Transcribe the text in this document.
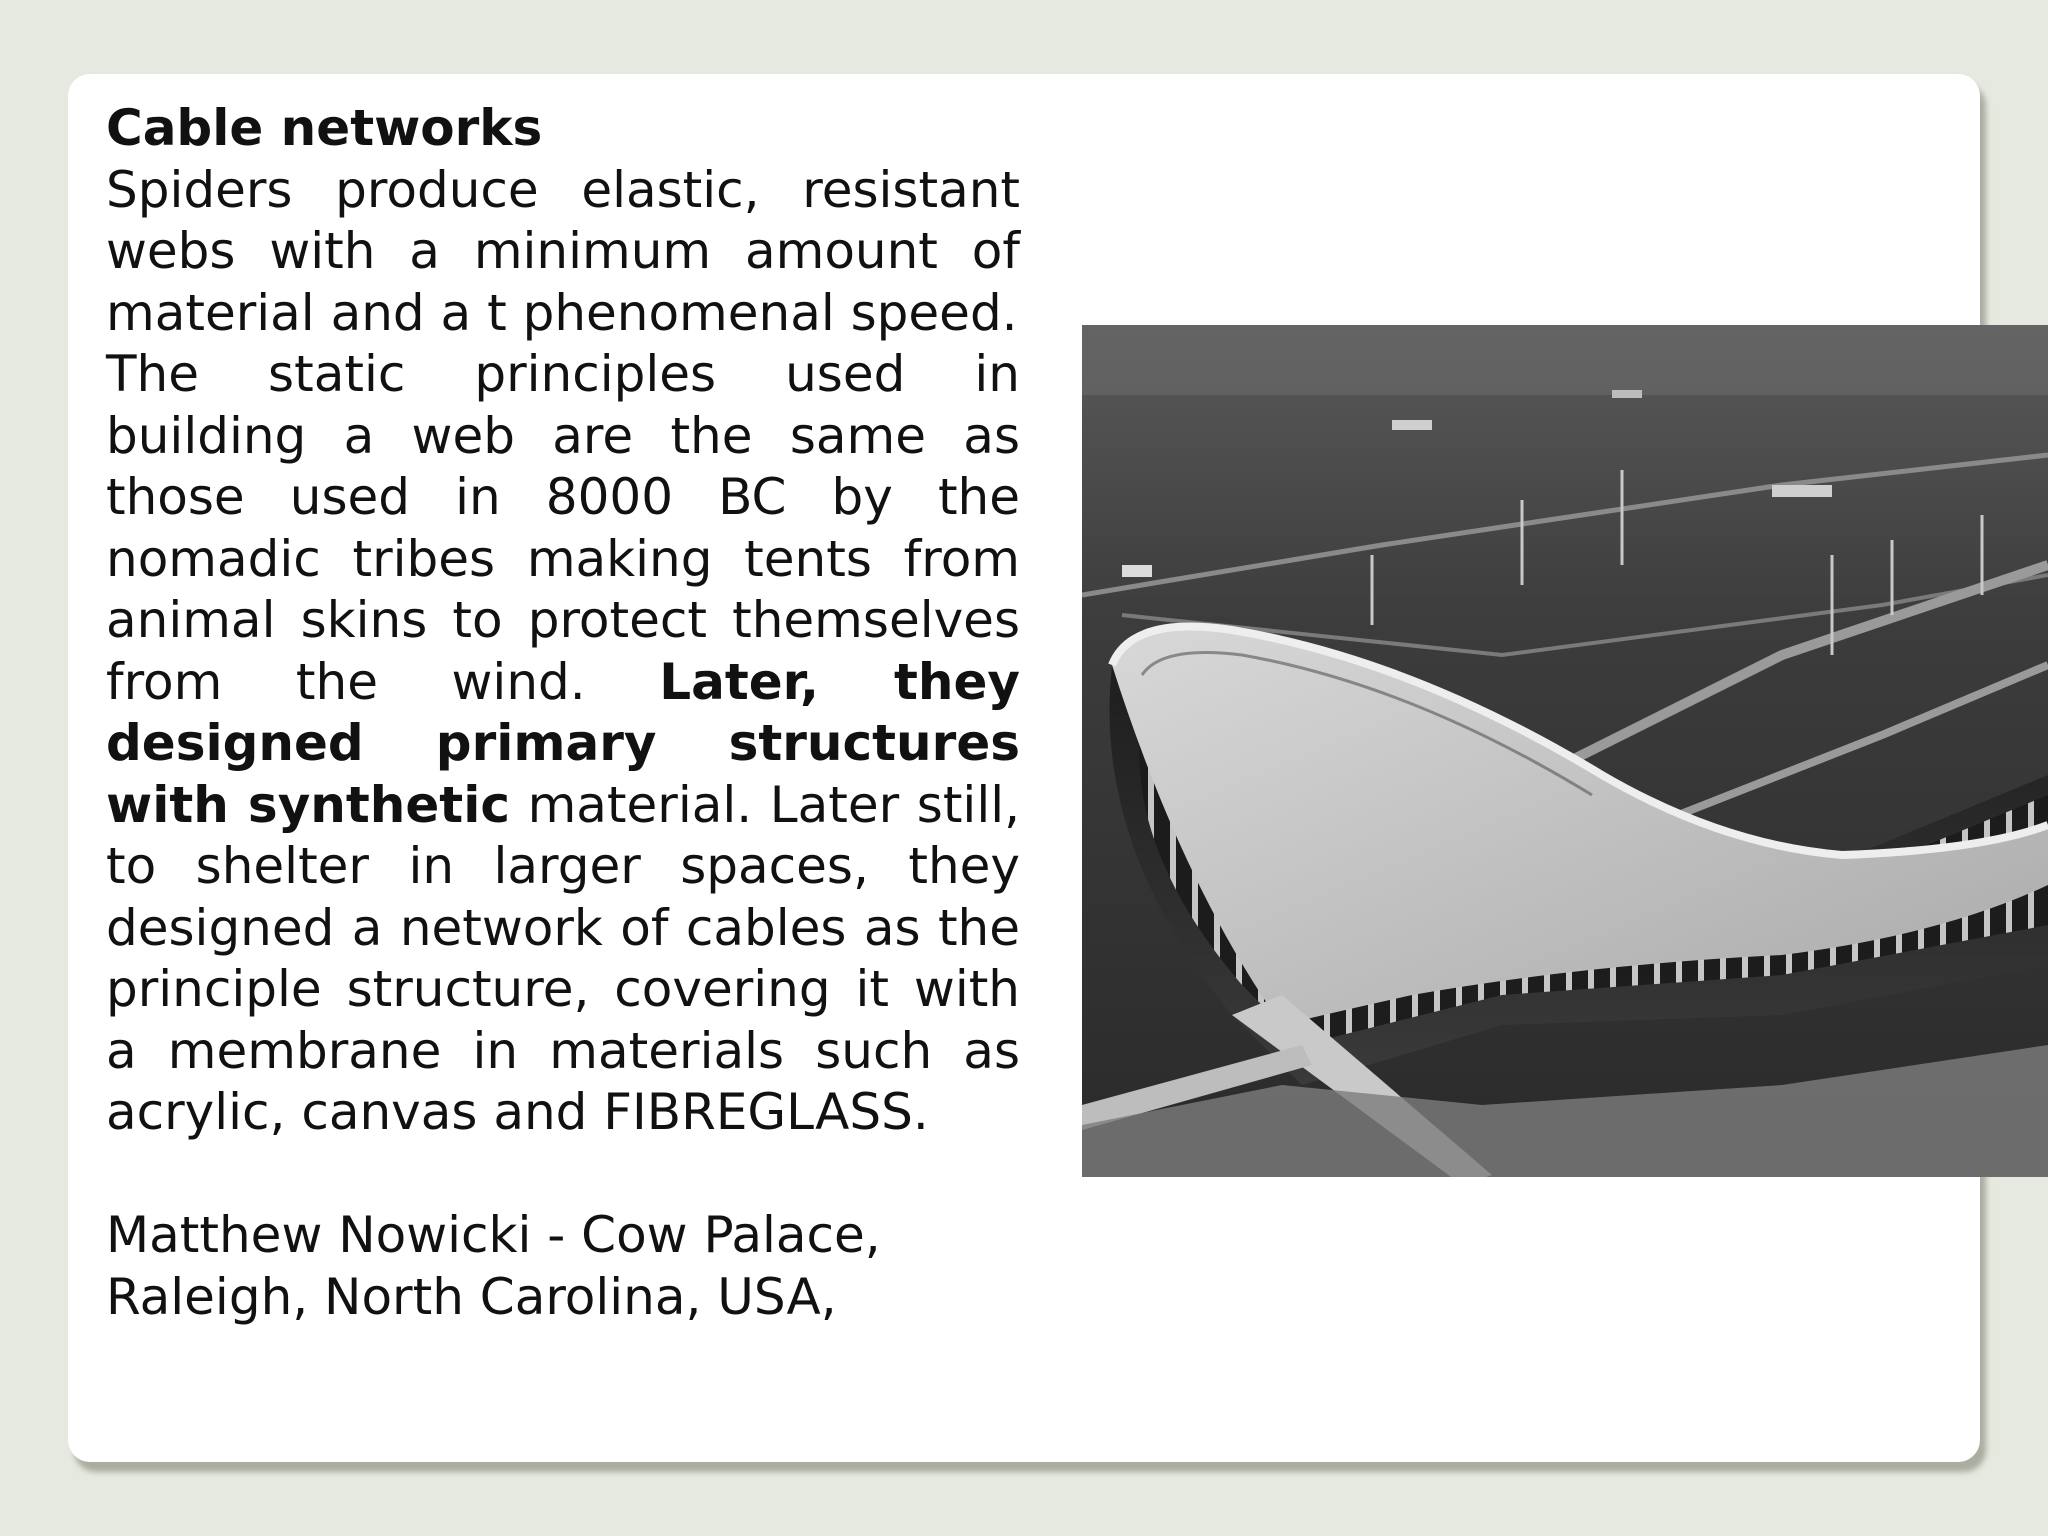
Cable networks

Spiders produce elastic, resistant webs with a minimum amount of material and a t phenomenal speed.

The static principles used in building a web are the same as those used in 8000 BC by the nomadic tribes making tents from animal skins to protect themselves from the wind. Later, they designed primary structures with synthetic material. Later still, to shelter in larger spaces, they designed a network of cables as the principle structure, covering it with a membrane in materials such as acrylic, canvas and FIBREGLASS.

Matthew Nowicki - Cow Palace,
Raleigh, North Carolina, USA,
